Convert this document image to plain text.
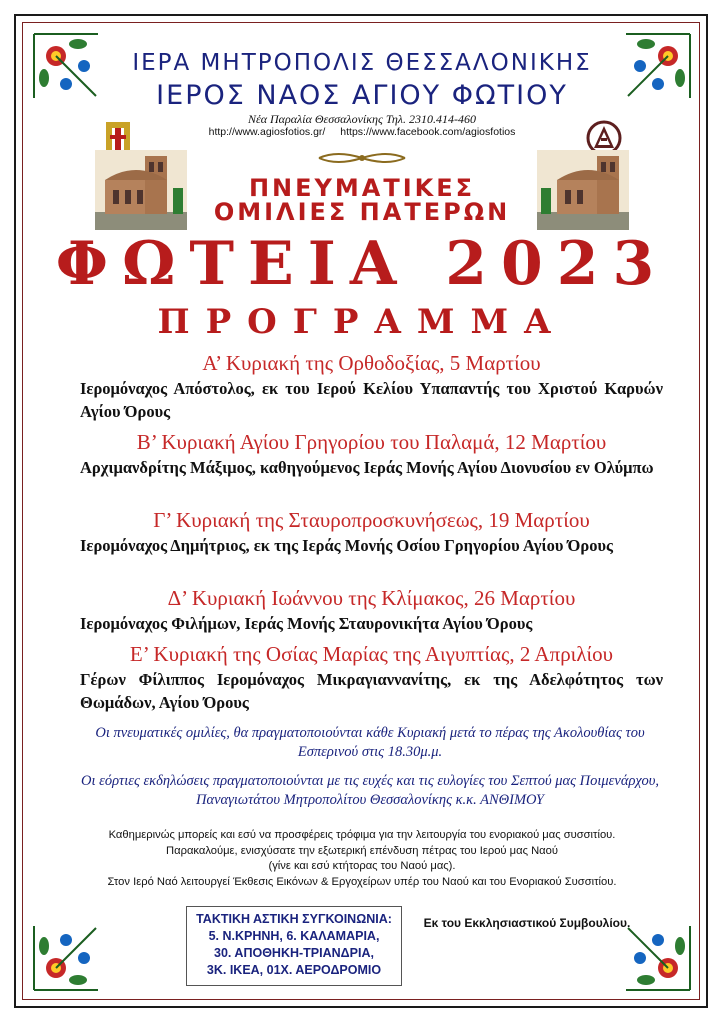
ΙΕΡΑ ΜΗΤΡΟΠΟΛΙΣ ΘΕΣΣΑΛΟΝΙΚΗΣ
ΙΕΡΟΣ ΝΑΟΣ ΑΓΙΟΥ ΦΩΤΙΟΥ
Νέα Παραλία Θεσσαλονίκης Τηλ. 2310.414-460
http://www.agiosfotios.gr/ https://www.facebook.com/agiosfotios
ΠΝΕΥΜΑΤΙΚΕΣ
ΟΜΙΛΙΕΣ ΠΑΤΕΡΩΝ
ΦΩΤΕΙΑ 2023
ΠΡΟΓΡΑΜΜΑ

Α’ Κυριακή της Ορθοδοξίας, 5 Μαρτίου

Ιερομόναχος Απόστολος, εκ του Ιερού Κελίου Υπαπαντής του Χριστού Καρυών Αγίου Όρους

Β’ Κυριακή Αγίου Γρηγορίου του Παλαμά, 12 Μαρτίου

Αρχιμανδρίτης Μάξιμος, καθηγούμενος Ιεράς Μονής Αγίου Διονυσίου εν Ολύμπω

Γ’ Κυριακή της Σταυροπροσκυνήσεως, 19 Μαρτίου

Ιερομόναχος Δημήτριος, εκ της Ιεράς Μονής Οσίου Γρηγορίου Αγίου Όρους

Δ’ Κυριακή Ιωάννου της Κλίμακος, 26 Μαρτίου

Ιερομόναχος Φιλήμων, Ιεράς Μονής Σταυρονικήτα Αγίου Όρους

Ε’ Κυριακή της Οσίας Μαρίας της Αιγυπτίας, 2 Απριλίου

Γέρων Φίλιππος Ιερομόναχος Μικραγιαννανίτης, εκ της Αδελφότητος των Θωμάδων, Αγίου Όρους

Οι πνευματικές ομιλίες, θα πραγματοποιούνται κάθε Κυριακή μετά το πέρας της Ακολουθίας του Εσπερινού στις 18.30μ.μ.
Οι εόρτιες εκδηλώσεις πραγματοποιούνται με τις ευχές και τις ευλογίες του Σεπτού μας Ποιμενάρχου, Παναγιωτάτου Μητροπολίτου Θεσσαλονίκης κ.κ. ΑΝΘΙΜΟΥ
Καθημερινώς μπορείς και εσύ να προσφέρεις τρόφιμα για την λειτουργία του ενοριακού μας συσσιτίου.
Παρακαλούμε, ενισχύσατε την εξωτερική επένδυση πέτρας του Ιερού μας Ναού
(γίνε και εσύ κτήτορας του Ναού μας).
Στον Ιερό Ναό λειτουργεί Έκθεσις Εικόνων & Εργοχείρων υπέρ του Ναού και του Ενοριακού Συσσιτίου.
ΤΑΚΤΙΚΗ ΑΣΤΙΚΗ ΣΥΓΚΟΙΝΩΝΙΑ:
5. Ν.ΚΡΗΝΗ, 6. ΚΑΛΑΜΑΡΙΑ,
30. ΑΠΟΘΗΚΗ-ΤΡΙΑΝΔΡΙΑ,
3Κ. ΙΚΕΑ, 01Χ. ΑΕΡΟΔΡΟΜΙΟ
Εκ του Εκκλησιαστικού Συμβουλίου.
